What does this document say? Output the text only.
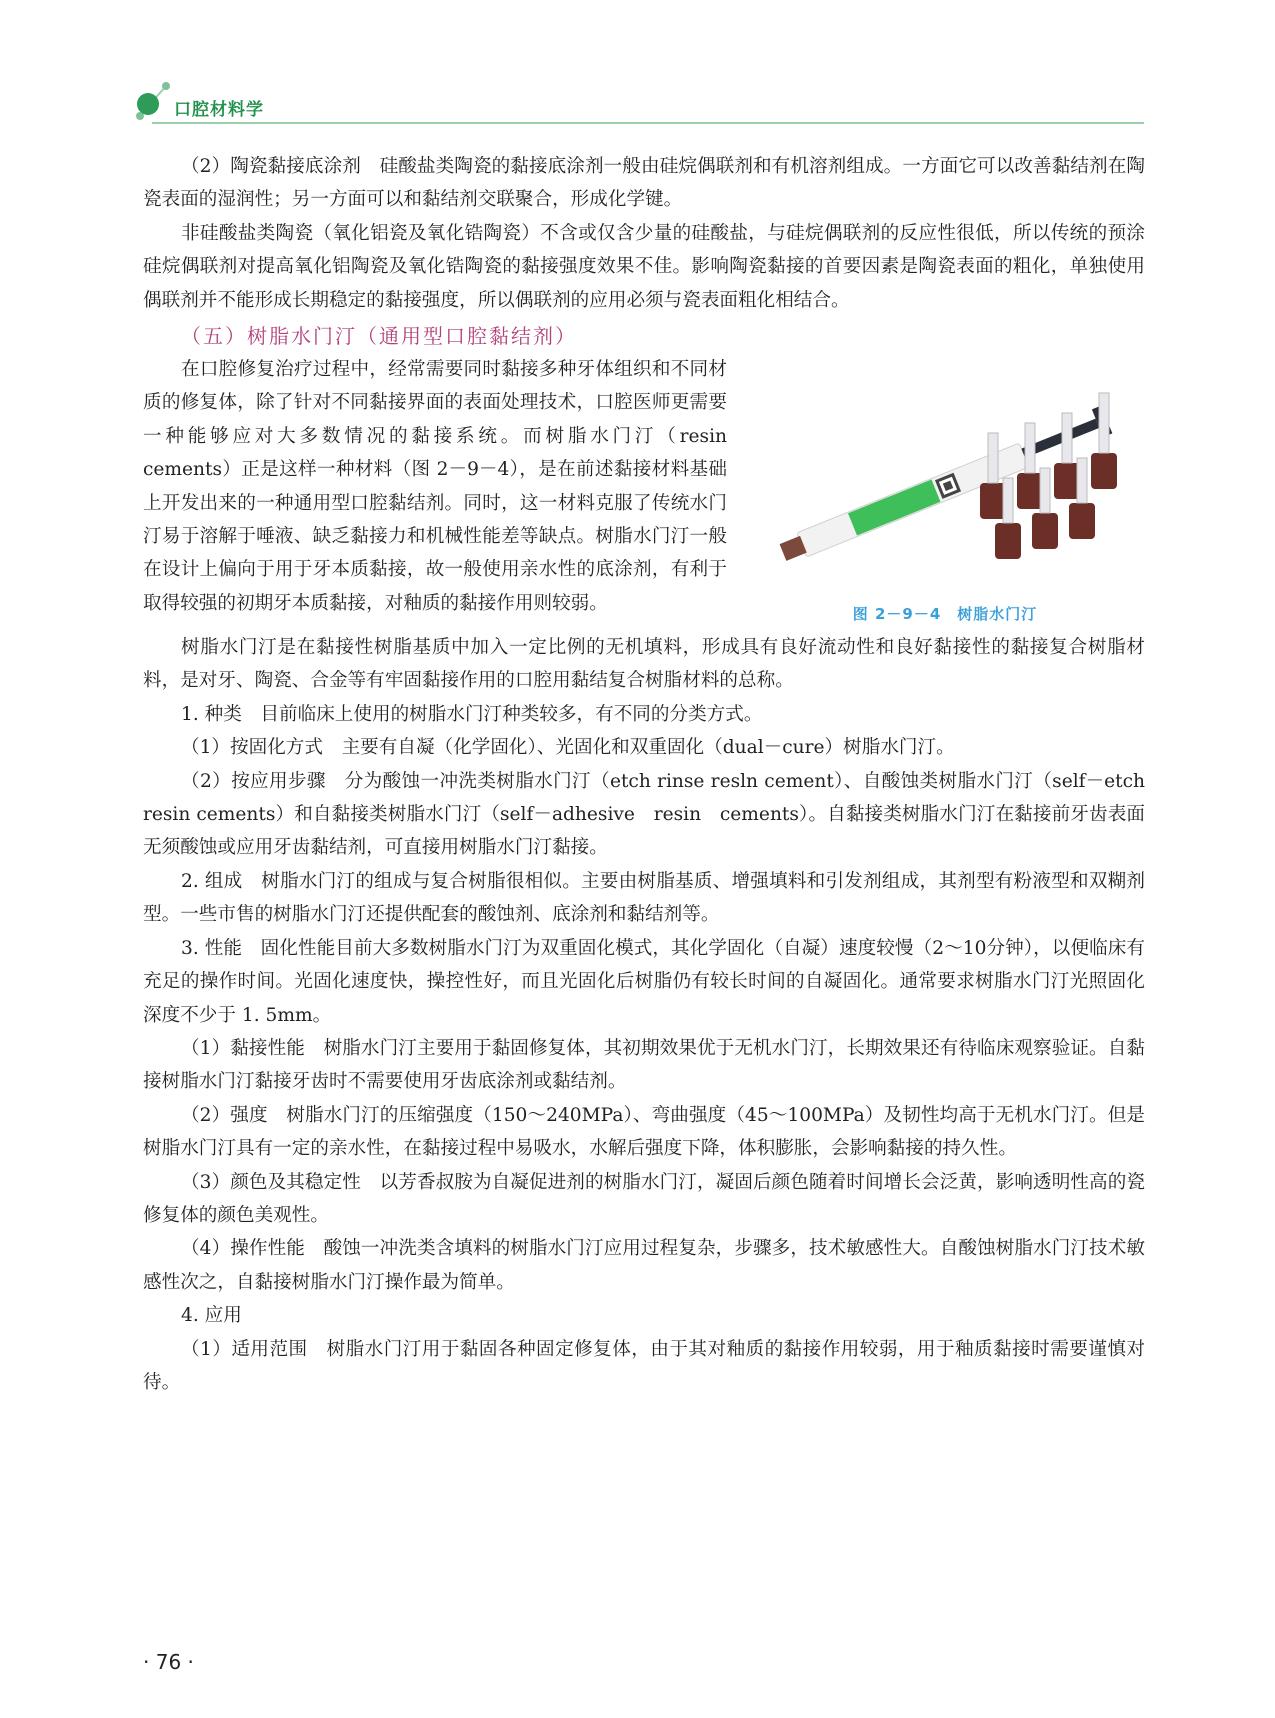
口腔材料学

（2）陶瓷黏接底涂剂　硅酸盐类陶瓷的黏接底涂剂一般由硅烷偶联剂和有机溶剂组成。一方面它可以改善黏结剂在陶瓷表面的湿润性；另一方面可以和黏结剂交联聚合，形成化学键。

非硅酸盐类陶瓷（氧化铝瓷及氧化锆陶瓷）不含或仅含少量的硅酸盐，与硅烷偶联剂的反应性很低，所以传统的预涂硅烷偶联剂对提高氧化铝陶瓷及氧化锆陶瓷的黏接强度效果不佳。影响陶瓷黏接的首要因素是陶瓷表面的粗化，单独使用偶联剂并不能形成长期稳定的黏接强度，所以偶联剂的应用必须与瓷表面粗化相结合。

（五）树脂水门汀（通用型口腔黏结剂）
图 2－9－4　树脂水门汀

在口腔修复治疗过程中，经常需要同时黏接多种牙体组织和不同材质的修复体，除了针对不同黏接界面的表面处理技术，口腔医师更需要一种能够应对大多数情况的黏接系统。而树脂水门汀（resin cements）正是这样一种材料（图 2－9－4），是在前述黏接材料基础上开发出来的一种通用型口腔黏结剂。同时，这一材料克服了传统水门汀易于溶解于唾液、缺乏黏接力和机械性能差等缺点。树脂水门汀一般在设计上偏向于用于牙本质黏接，故一般使用亲水性的底涂剂，有利于取得较强的初期牙本质黏接，对釉质的黏接作用则较弱。

树脂水门汀是在黏接性树脂基质中加入一定比例的无机填料，形成具有良好流动性和良好黏接性的黏接复合树脂材料，是对牙、陶瓷、合金等有牢固黏接作用的口腔用黏结复合树脂材料的总称。

1. 种类　目前临床上使用的树脂水门汀种类较多，有不同的分类方式。

（1）按固化方式　主要有自凝（化学固化）、光固化和双重固化（dual－cure）树脂水门汀。

（2）按应用步骤　分为酸蚀一冲洗类树脂水门汀（etch rinse resln cement）、自酸蚀类树脂水门汀（self－etch resin cements）和自黏接类树脂水门汀（self－adhesive　resin　cements）。自黏接类树脂水门汀在黏接前牙齿表面无须酸蚀或应用牙齿黏结剂，可直接用树脂水门汀黏接。

2. 组成　树脂水门汀的组成与复合树脂很相似。主要由树脂基质、增强填料和引发剂组成，其剂型有粉液型和双糊剂型。一些市售的树脂水门汀还提供配套的酸蚀剂、底涂剂和黏结剂等。

3. 性能　固化性能目前大多数树脂水门汀为双重固化模式，其化学固化（自凝）速度较慢（2～10分钟），以便临床有充足的操作时间。光固化速度快，操控性好，而且光固化后树脂仍有较长时间的自凝固化。通常要求树脂水门汀光照固化深度不少于 1. 5mm。

（1）黏接性能　树脂水门汀主要用于黏固修复体，其初期效果优于无机水门汀，长期效果还有待临床观察验证。自黏接树脂水门汀黏接牙齿时不需要使用牙齿底涂剂或黏结剂。

（2）强度　树脂水门汀的压缩强度（150～240MPa）、弯曲强度（45～100MPa）及韧性均高于无机水门汀。但是树脂水门汀具有一定的亲水性，在黏接过程中易吸水，水解后强度下降，体积膨胀，会影响黏接的持久性。

（3）颜色及其稳定性　以芳香叔胺为自凝促进剂的树脂水门汀，凝固后颜色随着时间增长会泛黄，影响透明性高的瓷修复体的颜色美观性。

（4）操作性能　酸蚀一冲洗类含填料的树脂水门汀应用过程复杂，步骤多，技术敏感性大。自酸蚀树脂水门汀技术敏感性次之，自黏接树脂水门汀操作最为简单。

4. 应用

（1）适用范围　树脂水门汀用于黏固各种固定修复体，由于其对釉质的黏接作用较弱，用于釉质黏接时需要谨慎对待。

· 76 ·
